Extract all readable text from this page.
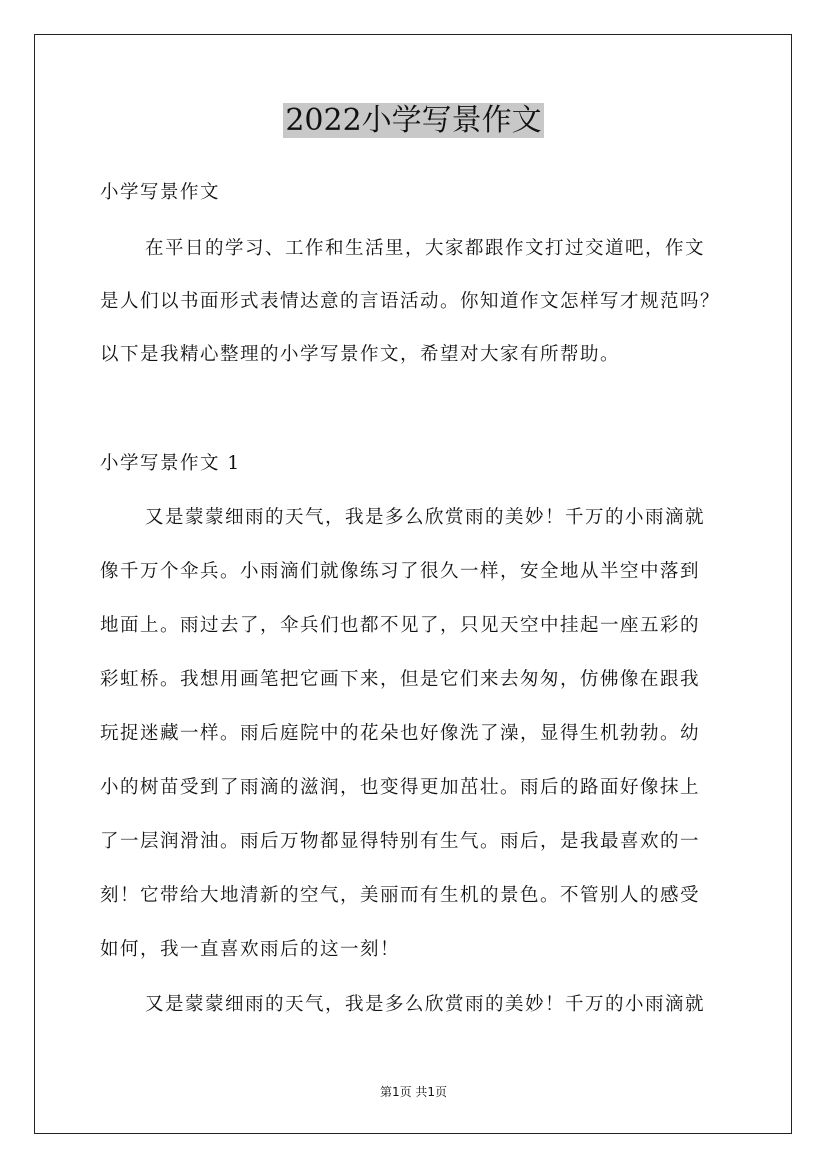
2022小学写景作文
小学写景作文
在平日的学习、工作和生活里，大家都跟作文打过交道吧，作文
是人们以书面形式表情达意的言语活动。你知道作文怎样写才规范吗？
以下是我精心整理的小学写景作文，希望对大家有所帮助。
小学写景作文 1
又是蒙蒙细雨的天气，我是多么欣赏雨的美妙！千万的小雨滴就
像千万个伞兵。小雨滴们就像练习了很久一样，安全地从半空中落到
地面上。雨过去了，伞兵们也都不见了，只见天空中挂起一座五彩的
彩虹桥。我想用画笔把它画下来，但是它们来去匆匆，仿佛像在跟我
玩捉迷藏一样。雨后庭院中的花朵也好像洗了澡，显得生机勃勃。幼
小的树苗受到了雨滴的滋润，也变得更加茁壮。雨后的路面好像抹上
了一层润滑油。雨后万物都显得特别有生气。雨后，是我最喜欢的一
刻！它带给大地清新的空气，美丽而有生机的景色。不管别人的感受
如何，我一直喜欢雨后的这一刻！
又是蒙蒙细雨的天气，我是多么欣赏雨的美妙！千万的小雨滴就
第1页 共1页
